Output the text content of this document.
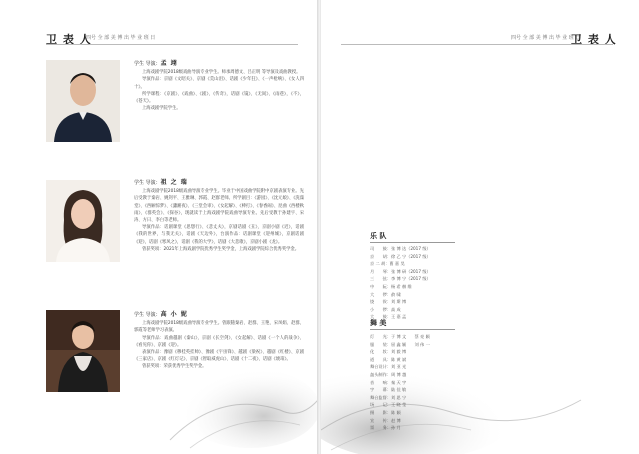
卫 表 人
四号 全 部 美 博 出 毕 业 班 日
学生 导演：孟 翊

上海戏剧学院2018级戏曲导演专业学生。师承周德文、吕正明 等导演及戏曲教授。

导演作品：京剧《文昭关》、京剧《荒山泪》、话剧《少年狂》、《一声枪响》、《女人四十》。

所学课程：《京剧》、《戏曲》、《剧》、《传奇》，话剧《镜》、《无间》、《雨巷》，《不》，《苍天》。

上海戏剧学院学生。

学生 导演：祖 之 瑞

上海戏剧学院2018级戏曲导演专业学生。毕业于中国戏曲学院附中京剧表演专业。先后受教于秦岩、姚剑平、王雅琳、郭霞、赵群老师。所学剧目：《游园》、《沈元娘》、《洗澡堂》、《西厢惊梦》、《瀟湘夜》、《三堂会审》、《女起解》、《棒打》、《春香闹》、昆曲《西楼秋雨》、《群英会》、《探谷》，现就读于上海戏剧学院戏曲导演专业。先后受教于孙建宇、宋涛、方曰、李白等老师。

导演作品：话剧课堂《思想行》、《悲丈夫》，京剧话剧《丑》，京剧小剧《迟》，话剧《我的世界，与我无关》，话剧《天边外》，台演作品：话剧课堂《迎州城》，京剧话剧《迎》，话剧《寒风之》，话剧《我的大学》，话剧《大悲歌》，京剧小剧《龙》。

曾获奖项：2021年上海戏剧学院优秀学生奖学金，上海戏剧学院综合优秀奖学金。

学生 导演：高 小 妮

上海戏剧学院2018级戏曲导演专业学生。曾跟随秦岩、赵群、王艳、宋凤娟、赵群、郭霞等老师学习表演。

导演作品：戏曲越剧《秦山》，京剧《长空剑》、《女起解》、话剧《一个人的战争》、《看见你》、京剧《迎》。

表演作品：豫剧《穆桂英挂帅》、豫剧《宇宙锋》、越剧《梁祝》、越剧《红楼》、京剧《三家店》、京剧《红灯记》、京剧《智取威虎山》、话剧《十二夜》、话剧《琥珀》。

曾获奖项：荣获优秀学生奖学金。

四号 全 部 美 博 出 毕 业 班 日
卫 表 人
乐 队
司　　鼓：张 博 达（2017 级）
京　　胡：徐 乙 宁（2017 级）
京 二 胡：曹 嘉 昊
月　　琴：张 博 研（2017 级）
三　　弦：李 博 宁（2017 级）
中　　阮：杨 希 赫 维
大　　锣：俞 啸
铙　　钹：刘 斯 博
小　　锣：高 成
大　　鼓：王 嘉 孟
舞 美
灯　　光：于 博 文　　蔡 亮 颖
服　　装：屈 鑫 颖　　刘 伟 一
化　　妆：刘 毅 博
道　　具：陈 黄 斌
舞台设计：刘 亚 光
盔头制作：周 博 越
音　　响：秦 天 宇
字　　幕：陆 佳 敏
舞台监督：刘 思 宁
场　　记：王 晓 莹
摄　　影：陈 颖
宣　　传：赵 博
票　　务：孙 月
